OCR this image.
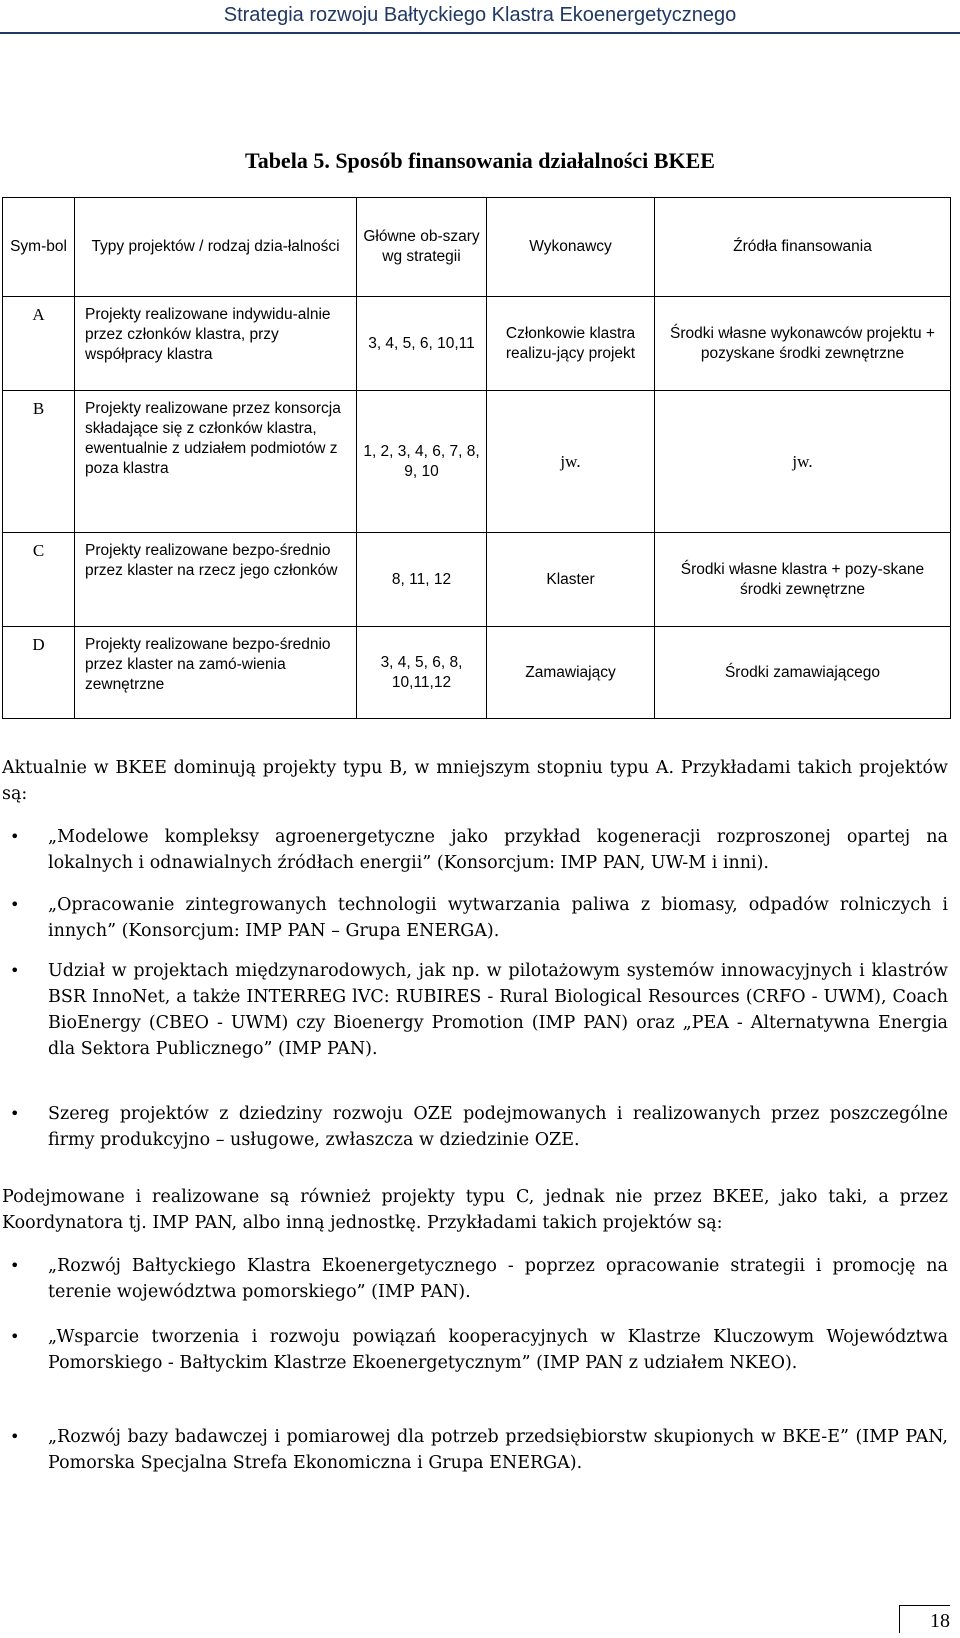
Strategia rozwoju Bałtyckiego Klastra Ekoenergetycznego
Tabela 5. Sposób finansowania działalności BKEE
Sym-bol	Typy projektów / rodzaj dzia-łalności	Główne ob-szary wg strategii	Wykonawcy	Źródła finansowania
A	Projekty realizowane indywidu-alnie przez członków klastra, przy współpracy klastra	3, 4, 5, 6, 10,11	Członkowie klastra realizu-jący projekt	Środki własne wykonawców projektu + pozyskane środki zewnętrzne
B	Projekty realizowane przez konsorcja składające się z członków klastra, ewentualnie z udziałem podmiotów z poza klastra	1, 2, 3, 4, 6, 7, 8, 9, 10	jw.	jw.
C	Projekty realizowane bezpo-średnio przez klaster na rzecz jego członków	8, 11, 12	Klaster	Środki własne klastra + pozy-skane środki zewnętrzne
D	Projekty realizowane bezpo-średnio przez klaster na zamó-wienia zewnętrzne	3, 4, 5, 6, 8, 10,11,12	Zamawiający	Środki zamawiającego
Aktualnie w BKEE dominują projekty typu B, w mniejszym stopniu typu A. Przykładami takich projektów są:
• „Modelowe kompleksy agroenergetyczne jako przykład kogeneracji rozproszonej opartej na lokalnych i odnawialnych źródłach energii” (Konsorcjum: IMP PAN, UW-M i inni).
• „Opracowanie zintegrowanych technologii wytwarzania paliwa z biomasy, odpadów rolniczych i innych” (Konsorcjum: IMP PAN – Grupa ENERGA).
• Udział w projektach międzynarodowych, jak np. w pilotażowym systemów innowacyjnych i klastrów BSR InnoNet, a także INTERREG lVC: RUBIRES - Rural Biological Resources (CRFO - UWM), Coach BioEnergy (CBEO - UWM) czy Bioenergy Promotion (IMP PAN) oraz „PEA - Alternatywna Energia dla Sektora Publicznego” (IMP PAN).
• Szereg projektów z dziedziny rozwoju OZE podejmowanych i realizowanych przez poszczególne firmy produkcyjno – usługowe, zwłaszcza w dziedzinie OZE.
Podejmowane i realizowane są również projekty typu C, jednak nie przez BKEE, jako taki, a przez Koordynatora tj. IMP PAN, albo inną jednostkę. Przykładami takich projektów są:
• „Rozwój Bałtyckiego Klastra Ekoenergetycznego - poprzez opracowanie strategii i promocję na terenie województwa pomorskiego” (IMP PAN).
• „Wsparcie tworzenia i rozwoju powiązań kooperacyjnych w Klastrze Kluczowym Województwa Pomorskiego - Bałtyckim Klastrze Ekoenergetycznym” (IMP PAN z udziałem NKEO).
• „Rozwój bazy badawczej i pomiarowej dla potrzeb przedsiębiorstw skupionych w BKE-E” (IMP PAN, Pomorska Specjalna Strefa Ekonomiczna i Grupa ENERGA).
18
